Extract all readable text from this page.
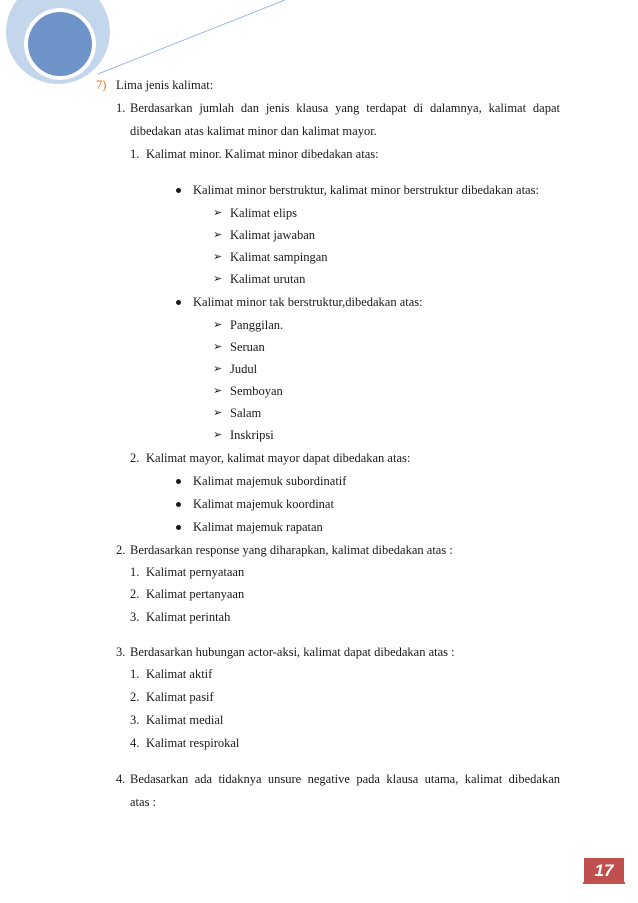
7) Lima jenis kalimat:
1. Berdasarkan jumlah dan jenis klausa yang terdapat di dalamnya, kalimat dapat
dibedakan atas kalimat minor dan kalimat mayor.
1. Kalimat minor. Kalimat minor dibedakan atas:
Kalimat minor berstruktur, kalimat minor berstruktur dibedakan atas:
➢ Kalimat elips
➢ Kalimat jawaban
➢ Kalimat sampingan
➢ Kalimat urutan
Kalimat minor tak berstruktur,dibedakan atas:
➢ Panggilan.
➢ Seruan
➢ Judul
➢ Semboyan
➢ Salam
➢ Inskripsi
2. Kalimat mayor, kalimat mayor dapat dibedakan atas:
Kalimat majemuk subordinatif
Kalimat majemuk koordinat
Kalimat majemuk rapatan
2. Berdasarkan response yang diharapkan, kalimat dibedakan atas :
1. Kalimat pernyataan
2. Kalimat pertanyaan
3. Kalimat perintah
3. Berdasarkan hubungan actor-aksi, kalimat dapat dibedakan atas :
1. Kalimat aktif
2. Kalimat pasif
3. Kalimat medial
4. Kalimat respirokal
4. Bedasarkan ada tidaknya unsure negative pada klausa utama, kalimat dibedakan
atas :
17
